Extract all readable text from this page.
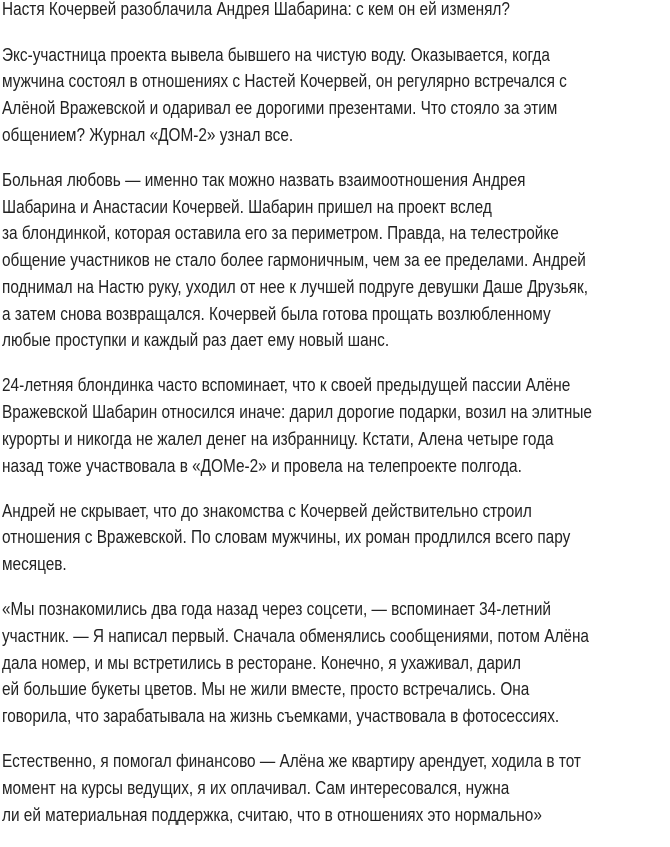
Настя Кочервей разоблачила Андрея Шабарина: с кем он ей изменял?

Экс-участница проекта вывела бывшего на чистую воду. Оказывается, когда
мужчина состоял в отношениях с Настей Кочервей, он регулярно встречался с
Алёной Вражевской и одаривал ее дорогими презентами. Что стояло за этим
общением? Журнал «ДОМ-2» узнал все.

Больная любовь — именно так можно назвать взаимоотношения Андрея
Шабарина и Анастасии Кочервей. Шабарин пришел на проект вслед
за блондинкой, которая оставила его за периметром. Правда, на телестройке
общение участников не стало более гармоничным, чем за ее пределами. Андрей
поднимал на Настю руку, уходил от нее к лучшей подруге девушки Даше Друзьяк,
а затем снова возвращался. Кочервей была готова прощать возлюбленному
любые проступки и каждый раз дает ему новый шанс.

24-летняя блондинка часто вспоминает, что к своей предыдущей пассии Алёне
Вражевской Шабарин относился иначе: дарил дорогие подарки, возил на элитные
курорты и никогда не жалел денег на избранницу. Кстати, Алена четыре года
назад тоже участвовала в «ДОМе-2» и провела на телепроекте полгода.

Андрей не скрывает, что до знакомства с Кочервей действительно строил
отношения с Вражевской. По словам мужчины, их роман продлился всего пару
месяцев.

«Мы познакомились два года назад через соцсети, — вспоминает 34-летний
участник. — Я написал первый. Сначала обменялись сообщениями, потом Алёна
дала номер, и мы встретились в ресторане. Конечно, я ухаживал, дарил
ей большие букеты цветов. Мы не жили вместе, просто встречались. Она
говорила, что зарабатывала на жизнь съемками, участвовала в фотосессиях.

Естественно, я помогал финансово — Алёна же квартиру арендует, ходила в тот
момент на курсы ведущих, я их оплачивал. Сам интересовался, нужна
ли ей материальная поддержка, считаю, что в отношениях это нормально»
